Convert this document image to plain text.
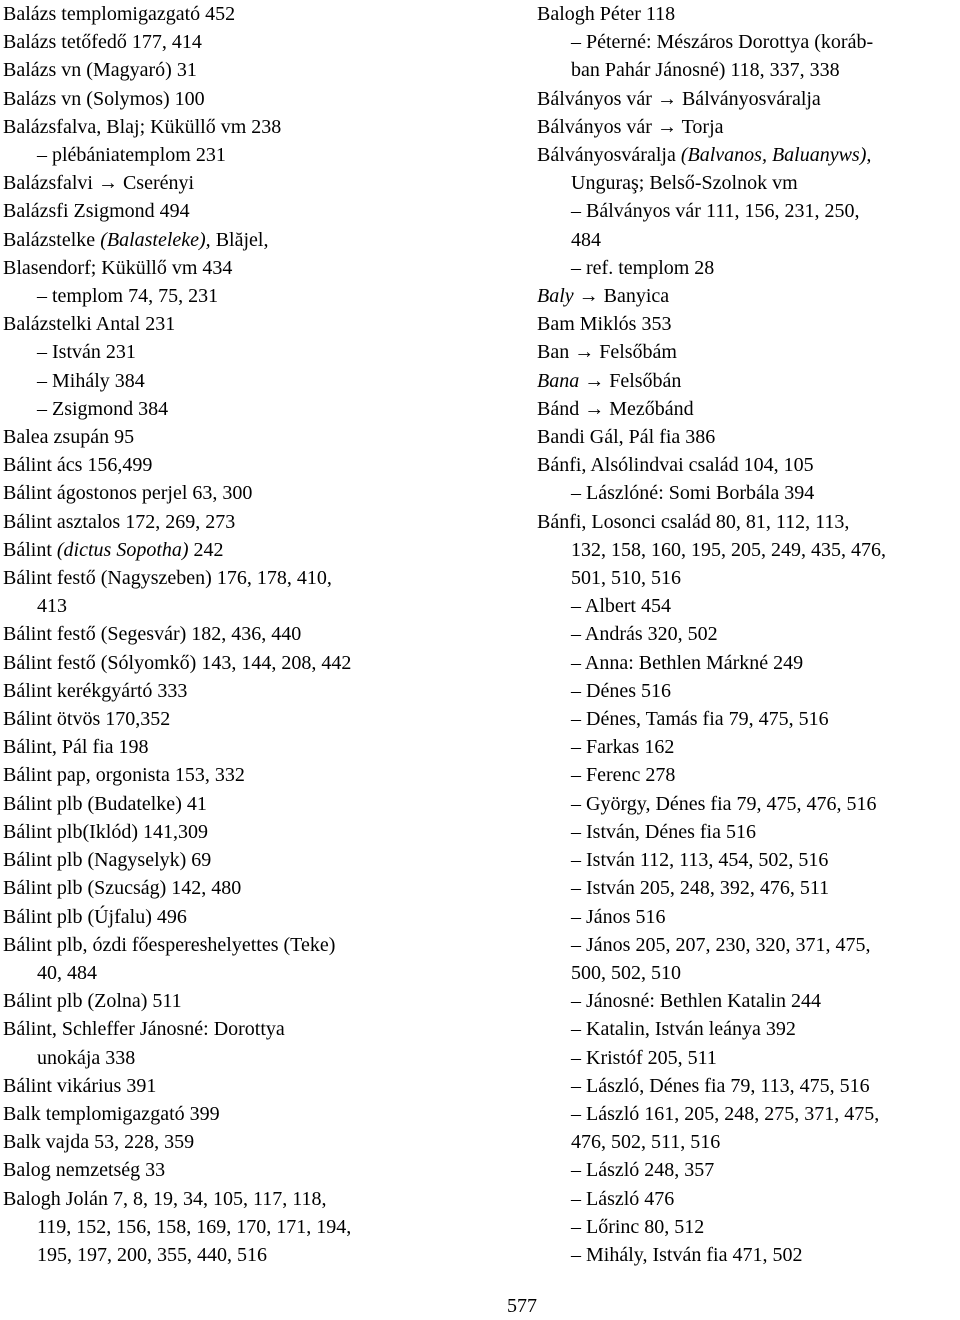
Balázs templomigazgató 452
Balázs tetőfedő 177, 414
Balázs vn (Magyaró) 31
Balázs vn (Solymos) 100
Balázsfalva, Blaj; Küküllő vm 238
– plébániatemplom 231
Balázsfalvi → Cserényi
Balázsfi Zsigmond 494
Balázstelke (Balasteleke), Blăjel,
Blasendorf; Küküllő vm 434
– templom 74, 75, 231
Balázstelki Antal 231
– István 231
– Mihály 384
– Zsigmond 384
Balea zsupán 95
Bálint ács 156,499
Bálint ágostonos perjel 63, 300
Bálint asztalos 172, 269, 273
Bálint (dictus Sopotha) 242
Bálint festő (Nagyszeben) 176, 178, 410,
413
Bálint festő (Segesvár) 182, 436, 440
Bálint festő (Sólyomkő) 143, 144, 208, 442
Bálint kerékgyártó 333
Bálint ötvös 170,352
Bálint, Pál fia 198
Bálint pap, orgonista 153, 332
Bálint plb (Budatelke) 41
Bálint plb(Iklód) 141,309
Bálint plb (Nagyselyk) 69
Bálint plb (Szucság) 142, 480
Bálint plb (Újfalu) 496
Bálint plb, ózdi főespereshelyettes (Teke)
40, 484
Bálint plb (Zolna) 511
Bálint, Schleffer Jánosné: Dorottya
unokája 338
Bálint vikárius 391
Balk templomigazgató 399
Balk vajda 53, 228, 359
Balog nemzetség 33
Balogh Jolán 7, 8, 19, 34, 105, 117, 118,
119, 152, 156, 158, 169, 170, 171, 194,
195, 197, 200, 355, 440, 516
Balogh Péter 118
– Péterné: Mészáros Dorottya (koráb-
ban Pahár Jánosné) 118, 337, 338
Bálványos vár → Bálványosváralja
Bálványos vár → Torja
Bálványosváralja (Balvanos, Baluanyws),
Unguraş; Belső-Szolnok vm
– Bálványos vár 111, 156, 231, 250,
484
– ref. templom 28
Baly → Banyica
Bam Miklós 353
Ban → Felsőbám
Bana → Felsőbán
Bánd → Mezőbánd
Bandi Gál, Pál fia 386
Bánfi, Alsólindvai család 104, 105
– Lászlóné: Somi Borbála 394
Bánfi, Losonci család 80, 81, 112, 113,
132, 158, 160, 195, 205, 249, 435, 476,
501, 510, 516
– Albert 454
– András 320, 502
– Anna: Bethlen Márkné 249
– Dénes 516
– Dénes, Tamás fia 79, 475, 516
– Farkas 162
– Ferenc 278
– György, Dénes fia 79, 475, 476, 516
– István, Dénes fia 516
– István 112, 113, 454, 502, 516
– István 205, 248, 392, 476, 511
– János 516
– János 205, 207, 230, 320, 371, 475,
500, 502, 510
– Jánosné: Bethlen Katalin 244
– Katalin, István leánya 392
– Kristóf 205, 511
– László, Dénes fia 79, 113, 475, 516
– László 161, 205, 248, 275, 371, 475,
476, 502, 511, 516
– László 248, 357
– László 476
– Lőrinc 80, 512
– Mihály, István fia 471, 502
577
